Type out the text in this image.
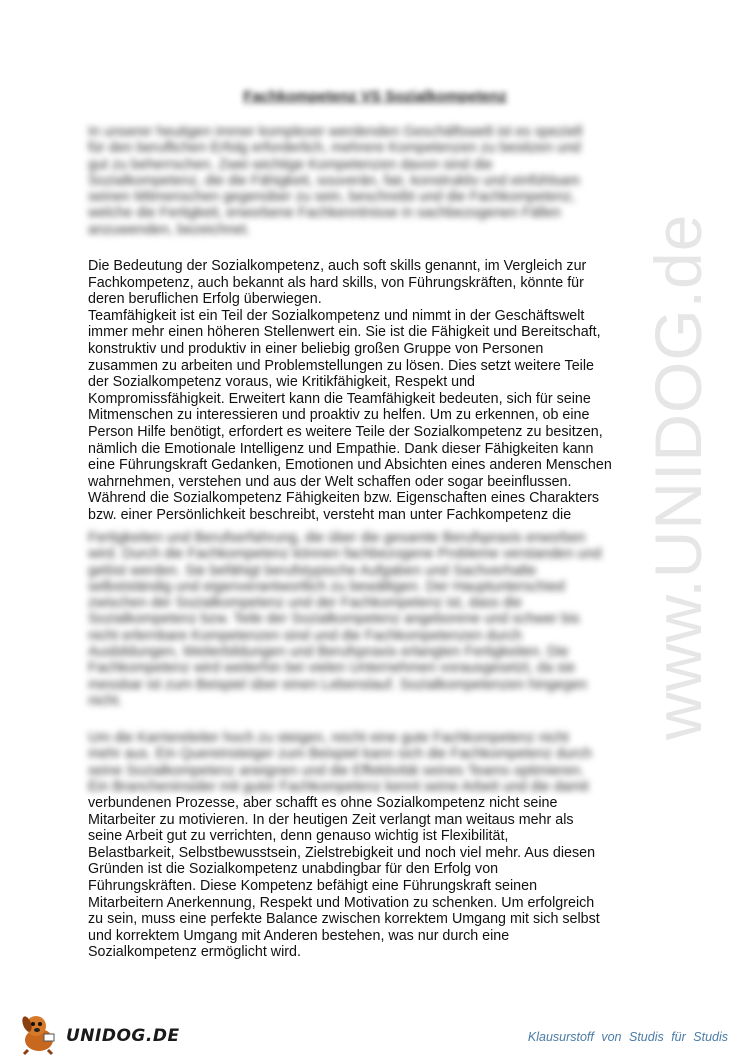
Fachkompetenz VS Sozialkompetenz
In unserer heutigen immer komplexer werdenden Geschäftswelt ist es speziell
für den beruflichen Erfolg erforderlich, mehrere Kompetenzen zu besitzen und
gut zu beherrschen. Zwei wichtige Kompetenzen davon sind die
Sozialkompetenz, die die Fähigkeit, souverän, fair, konstruktiv und einfühlsam
seinen Mitmenschen gegenüber zu sein, beschreibt und die Fachkompetenz,
welche die Fertigkeit, erworbene Fachkenntnisse in sachbezogenen Fällen
anzuwenden, bezeichnet.
Die Bedeutung der Sozialkompetenz, auch soft skills genannt, im Vergleich zur
Fachkompetenz, auch bekannt als hard skills, von Führungskräften, könnte für
deren beruflichen Erfolg überwiegen.
Teamfähigkeit ist ein Teil der Sozialkompetenz und nimmt in der Geschäftswelt
immer mehr einen höheren Stellenwert ein. Sie ist die Fähigkeit und Bereitschaft,
konstruktiv und produktiv in einer beliebig großen Gruppe von Personen
zusammen zu arbeiten und Problemstellungen zu lösen. Dies setzt weitere Teile
der Sozialkompetenz voraus, wie Kritikfähigkeit, Respekt und
Kompromissfähigkeit. Erweitert kann die Teamfähigkeit bedeuten, sich für seine
Mitmenschen zu interessieren und proaktiv zu helfen. Um zu erkennen, ob eine
Person Hilfe benötigt, erfordert es weitere Teile der Sozialkompetenz zu besitzen,
nämlich die Emotionale Intelligenz und Empathie. Dank dieser Fähigkeiten kann
eine Führungskraft Gedanken, Emotionen und Absichten eines anderen Menschen
wahrnehmen, verstehen und aus der Welt schaffen oder sogar beeinflussen.
Während die Sozialkompetenz Fähigkeiten bzw. Eigenschaften eines Charakters
bzw. einer Persönlichkeit beschreibt, versteht man unter Fachkompetenz die
Fertigkeiten und Berufserfahrung, die über die gesamte Berufspraxis erworben
wird. Durch die Fachkompetenz können fachbezogene Probleme verstanden und
gelöst werden. Sie befähigt berufstypische Aufgaben und Sachverhalte
selbstständig und eigenverantwortlich zu bewältigen. Der Hauptunterschied
zwischen der Sozialkompetenz und der Fachkompetenz ist, dass die
Sozialkompetenz bzw. Teile der Sozialkompetenz angeborene und schwer bis
nicht erlernbare Kompetenzen sind und die Fachkompetenzen durch
Ausbildungen, Weiterbildungen und Berufspraxis erlangten Fertigkeiten. Die
Fachkompetenz wird weiterhin bei vielen Unternehmen vorausgesetzt, da sie
messbar ist zum Beispiel über einen Lebenslauf. Sozialkompetenzen hingegen
nicht.
Um die Karriereleiter hoch zu steigen, reicht eine gute Fachkompetenz nicht
mehr aus. Ein Quereinsteiger zum Beispiel kann sich die Fachkompetenz durch
seine Sozialkompetenz aneignen und die Effektivität seines Teams optimieren.
Ein Brancheninsider mit guter Fachkompetenz kennt seine Arbeit und die damit
verbundenen Prozesse, aber schafft es ohne Sozialkompetenz nicht seine
Mitarbeiter zu motivieren. In der heutigen Zeit verlangt man weitaus mehr als
seine Arbeit gut zu verrichten, denn genauso wichtig ist Flexibilität,
Belastbarkeit, Selbstbewusstsein, Zielstrebigkeit und noch viel mehr. Aus diesen
Gründen ist die Sozialkompetenz unabdingbar für den Erfolg von
Führungskräften. Diese Kompetenz befähigt eine Führungskraft seinen
Mitarbeitern Anerkennung, Respekt und Motivation zu schenken. Um erfolgreich
zu sein, muss eine perfekte Balance zwischen korrektem Umgang mit sich selbst
und korrektem Umgang mit Anderen bestehen, was nur durch eine
Sozialkompetenz ermöglicht wird.
www.UNIDOG.de
UNIDOG.DE	Klausurstoff von Studis für Studis
